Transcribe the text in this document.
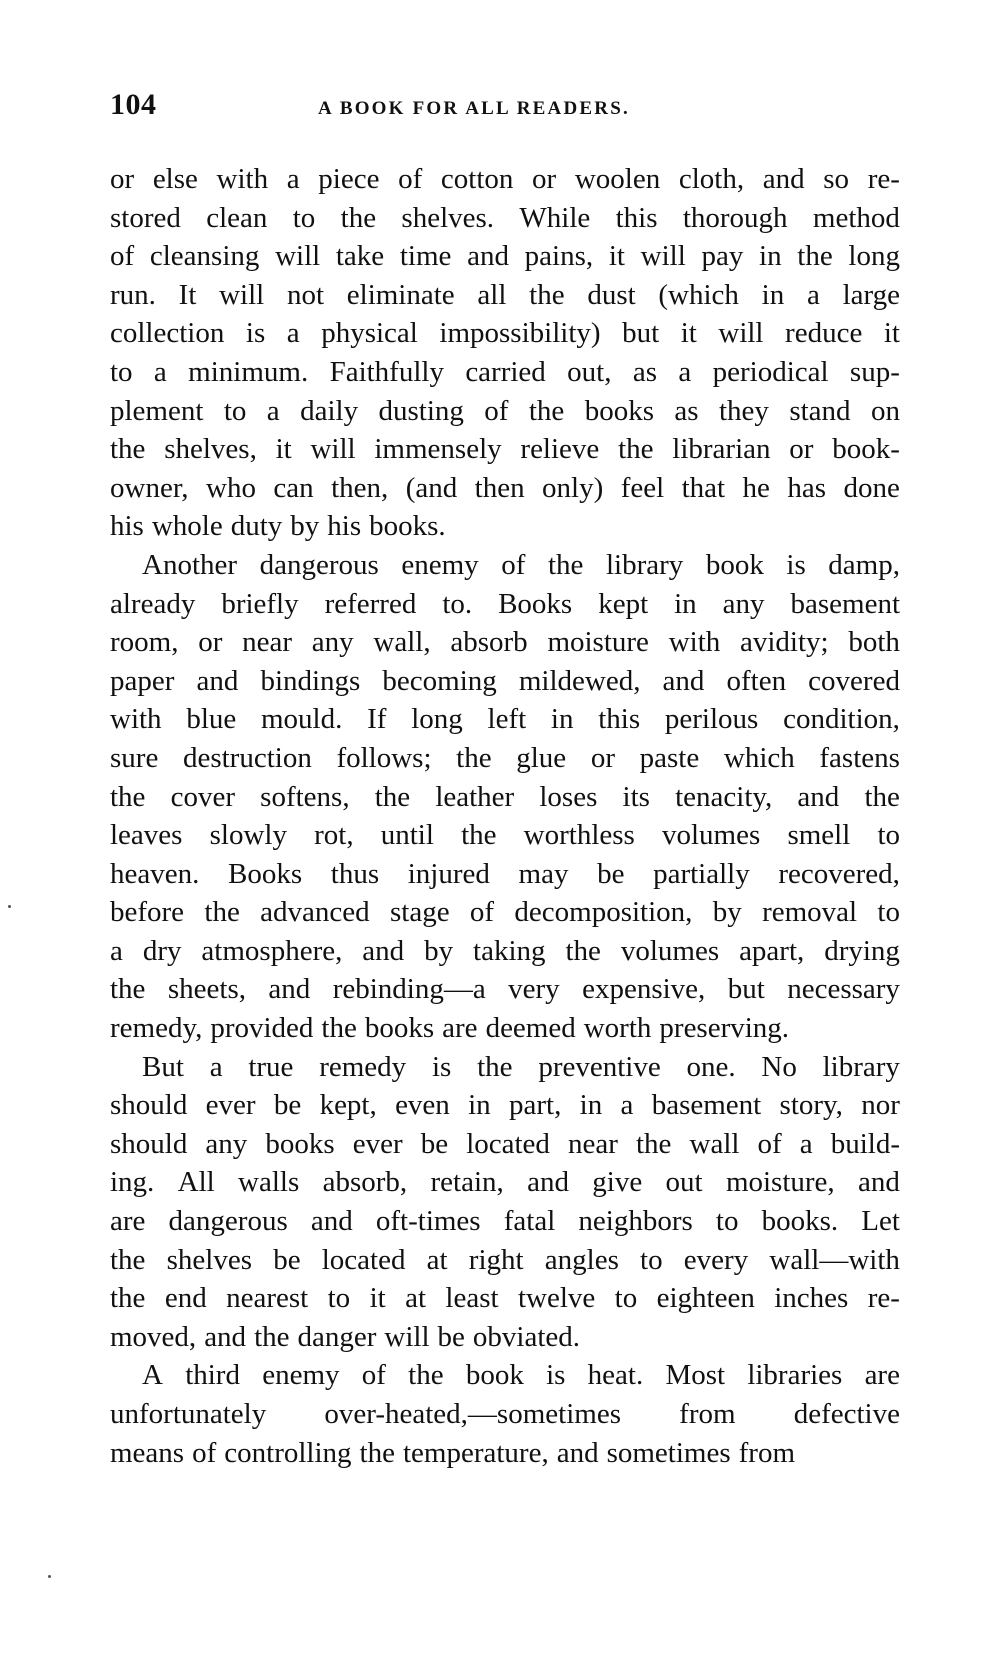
104	A BOOK FOR ALL READERS.
or else with a piece of cotton or woolen cloth, and so re-
stored clean to the shelves. While this thorough method
of cleansing will take time and pains, it will pay in the long
run. It will not eliminate all the dust (which in a large
collection is a physical impossibility) but it will reduce it
to a minimum. Faithfully carried out, as a periodical sup-
plement to a daily dusting of the books as they stand on
the shelves, it will immensely relieve the librarian or book-
owner, who can then, (and then only) feel that he has done
his whole duty by his books.
Another dangerous enemy of the library book is damp,
already briefly referred to. Books kept in any basement
room, or near any wall, absorb moisture with avidity; both
paper and bindings becoming mildewed, and often covered
with blue mould. If long left in this perilous condition,
sure destruction follows; the glue or paste which fastens
the cover softens, the leather loses its tenacity, and the
leaves slowly rot, until the worthless volumes smell to
heaven. Books thus injured may be partially recovered,
before the advanced stage of decomposition, by removal to
a dry atmosphere, and by taking the volumes apart, drying
the sheets, and rebinding—a very expensive, but necessary
remedy, provided the books are deemed worth preserving.
But a true remedy is the preventive one. No library
should ever be kept, even in part, in a basement story, nor
should any books ever be located near the wall of a build-
ing. All walls absorb, retain, and give out moisture, and
are dangerous and oft-times fatal neighbors to books. Let
the shelves be located at right angles to every wall—with
the end nearest to it at least twelve to eighteen inches re-
moved, and the danger will be obviated.
A third enemy of the book is heat. Most libraries are
unfortunately over-heated,—sometimes from defective
means of controlling the temperature, and sometimes from
